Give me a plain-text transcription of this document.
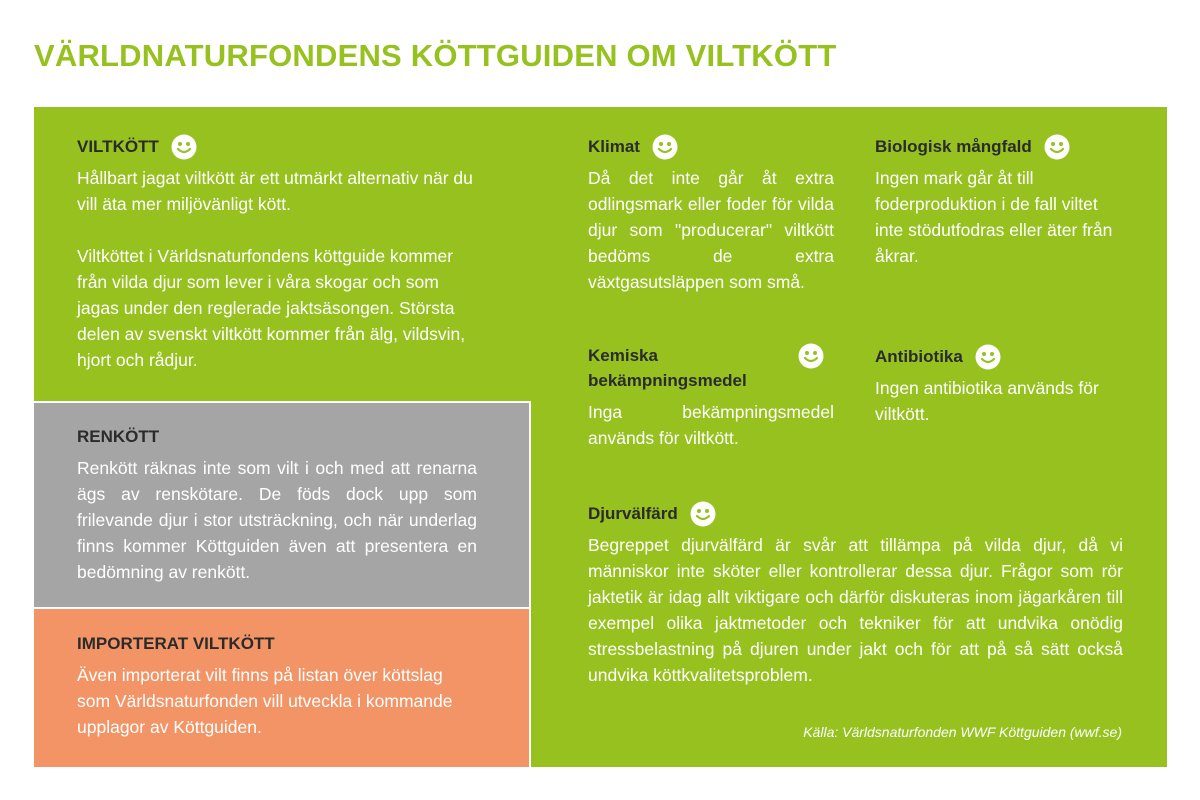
VÄRLDNATURFONDENS KÖTTGUIDEN OM VILTKÖTT
VILTKÖTT

Hållbart jagat viltkött är ett utmärkt alternativ när du vill äta mer miljövänligt kött.

Viltköttet i Världsnaturfondens köttguide kommer från vilda djur som lever i våra skogar och som jagas under den reglerade jaktsäsongen. Största delen av svenskt viltkött kommer från älg, vildsvin, hjort och rådjur.

RENKÖTT
Renkött räknas inte som vilt i och med att renarna ägs av renskötare. De föds dock upp som frilevande djur i stor utsträckning, och när underlag finns kommer Köttguiden även att presentera en bedömning av renkött.
IMPORTERAT VILTKÖTT
Även importerat vilt finns på listan över köttslag som Världsnaturfonden vill utveckla i kommande upplagor av Köttguiden.
Klimat
Då det inte går åt extra odlingsmark eller foder för vilda djur som "producerar" viltkött bedöms de extra växtgasutsläppen som små.
Biologisk mångfald
Ingen mark går åt till foderproduktion i de fall viltet inte stödutfodras eller äter från åkrar.
Kemiska bekämpningsmedel
Inga bekämpningsmedel används för viltkött.
Antibiotika
Ingen antibiotika används för viltkött.
Djurvälfärd
Begreppet djurvälfärd är svår att tillämpa på vilda djur, då vi människor inte sköter eller kontrollerar dessa djur. Frågor som rör jaktetik är idag allt viktigare och därför diskuteras inom jägarkåren till exempel olika jaktmetoder och tekniker för att undvika onödig stressbelastning på djuren under jakt och för att på så sätt också undvika köttkvalitetsproblem.
Källa: Världsnaturfonden WWF Köttguiden (wwf.se)
